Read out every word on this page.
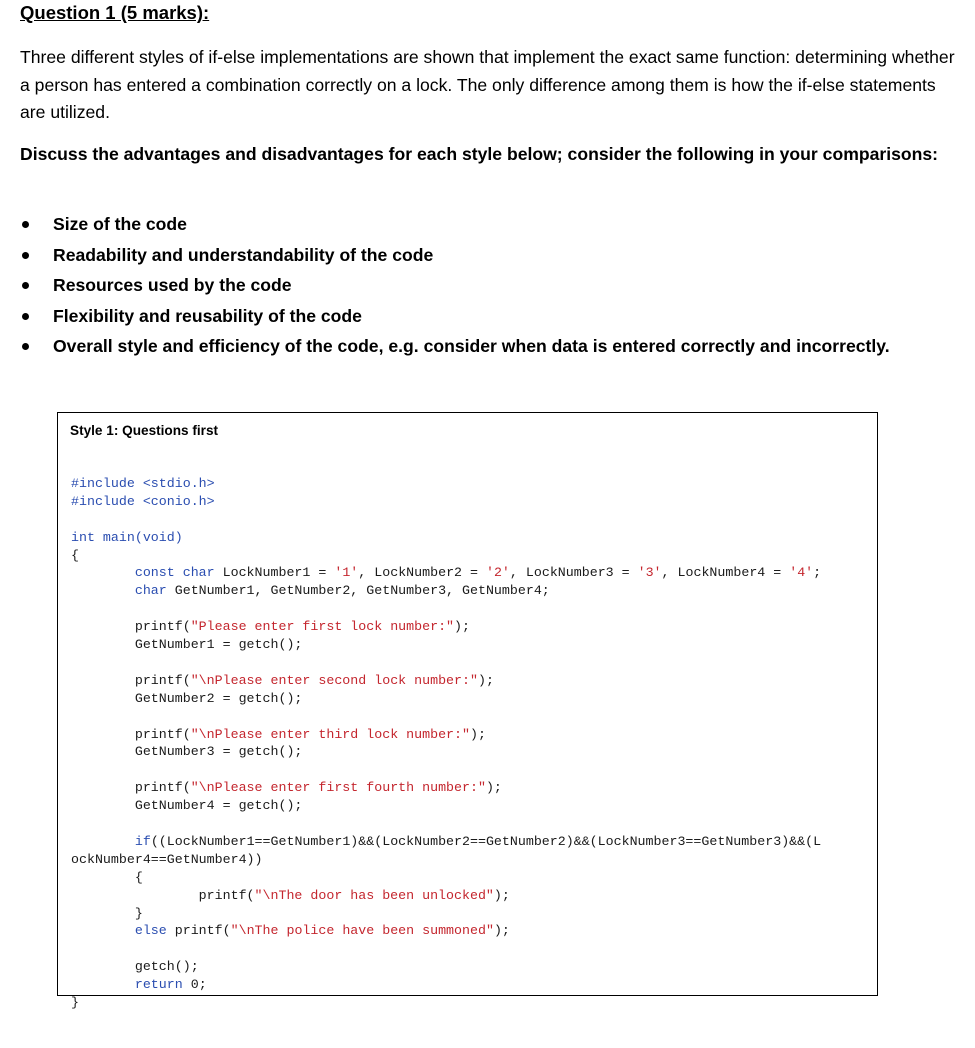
Question 1 (5 marks):

Three different styles of if-else implementations are shown that implement the exact same function: determining whether a person has entered a combination correctly on a lock. The only difference among them is how the if-else statements are utilized.

Discuss the advantages and disadvantages for each style below; consider the following in your comparisons:

Size of the code
Readability and understandability of the code
Resources used by the code
Flexibility and reusability of the code
Overall style and efficiency of the code, e.g. consider when data is entered correctly and incorrectly.
Style 1: Questions first

#include <stdio.h>
#include <conio.h>
int main(void)
{
const char LockNumber1 = '1', LockNumber2 = '2', LockNumber3 = '3', LockNumber4 = '4';
char GetNumber1, GetNumber2, GetNumber3, GetNumber4;
printf("Please enter first lock number:");
GetNumber1 = getch();
printf("\nPlease enter second lock number:");
GetNumber2 = getch();
printf("\nPlease enter third lock number:");
GetNumber3 = getch();
printf("\nPlease enter first fourth number:");
GetNumber4 = getch();
if((LockNumber1==GetNumber1)&&(LockNumber2==GetNumber2)&&(LockNumber3==GetNumber3)&&(L
ockNumber4==GetNumber4))
{
printf("\nThe door has been unlocked");
}
else printf("\nThe police have been summoned");
getch();
return 0;
}
